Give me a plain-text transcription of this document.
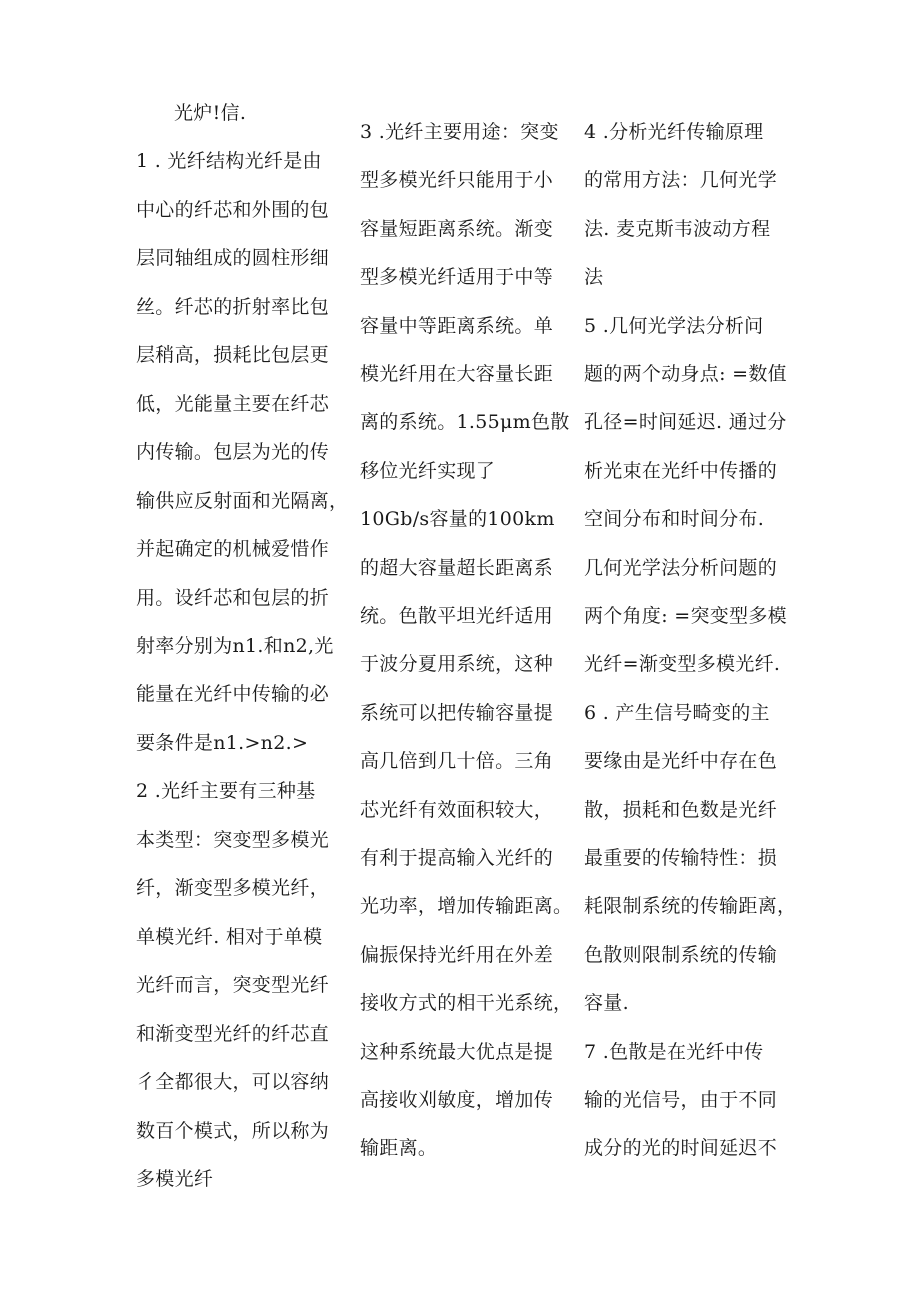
光炉!信.
1 . 光纤结构光纤是由
中心的纤芯和外围的包
层同轴组成的圆柱形细
丝。纤芯的折射率比包
层稍高，损耗比包层更
低，光能量主要在纤芯
内传输。包层为光的传
输供应反射面和光隔离，
并起确定的机械爱惜作
用。设纤芯和包层的折
射率分别为n1.和n2,光
能量在光纤中传输的必
要条件是n1.>n2.>
2 .光纤主要有三种基
本类型：突变型多模光
纤，渐变型多模光纤，
单模光纤. 相对于单模
光纤而言，突变型光纤
和渐变型光纤的纤芯直
彳全都很大，可以容纳
数百个模式，所以称为
多模光纤
3 .光纤主要用途：突变
型多模光纤只能用于小
容量短距离系统。渐变
型多模光纤适用于中等
容量中等距离系统。单
模光纤用在大容量长距
离的系统。1.55μm色散
移位光纤实现了
10Gb/s容量的100km
的超大容量超长距离系
统。色散平坦光纤适用
于波分夏用系统，这种
系统可以把传输容量提
高几倍到几十倍。三角
芯光纤有效面积较大，
有利于提高输入光纤的
光功率，增加传输距离。
偏振保持光纤用在外差
接收方式的相干光系统，
这种系统最大优点是提
高接收刈敏度，增加传
输距离。
4 .分析光纤传输原理
的常用方法：几何光学
法. 麦克斯韦波动方程
法
5 .几何光学法分析问
题的两个动身点: =数值
孔径=时间延迟. 通过分
析光束在光纤中传播的
空间分布和时间分布.
几何光学法分析问题的
两个角度: =突变型多模
光纤=渐变型多模光纤.
6 . 产生信号畸变的主
要缘由是光纤中存在色
散，损耗和色数是光纤
最重要的传输特性：损
耗限制系统的传输距离，
色散则限制系统的传输
容量.
7 .色散是在光纤中传
输的光信号，由于不同
成分的光的时间延迟不
